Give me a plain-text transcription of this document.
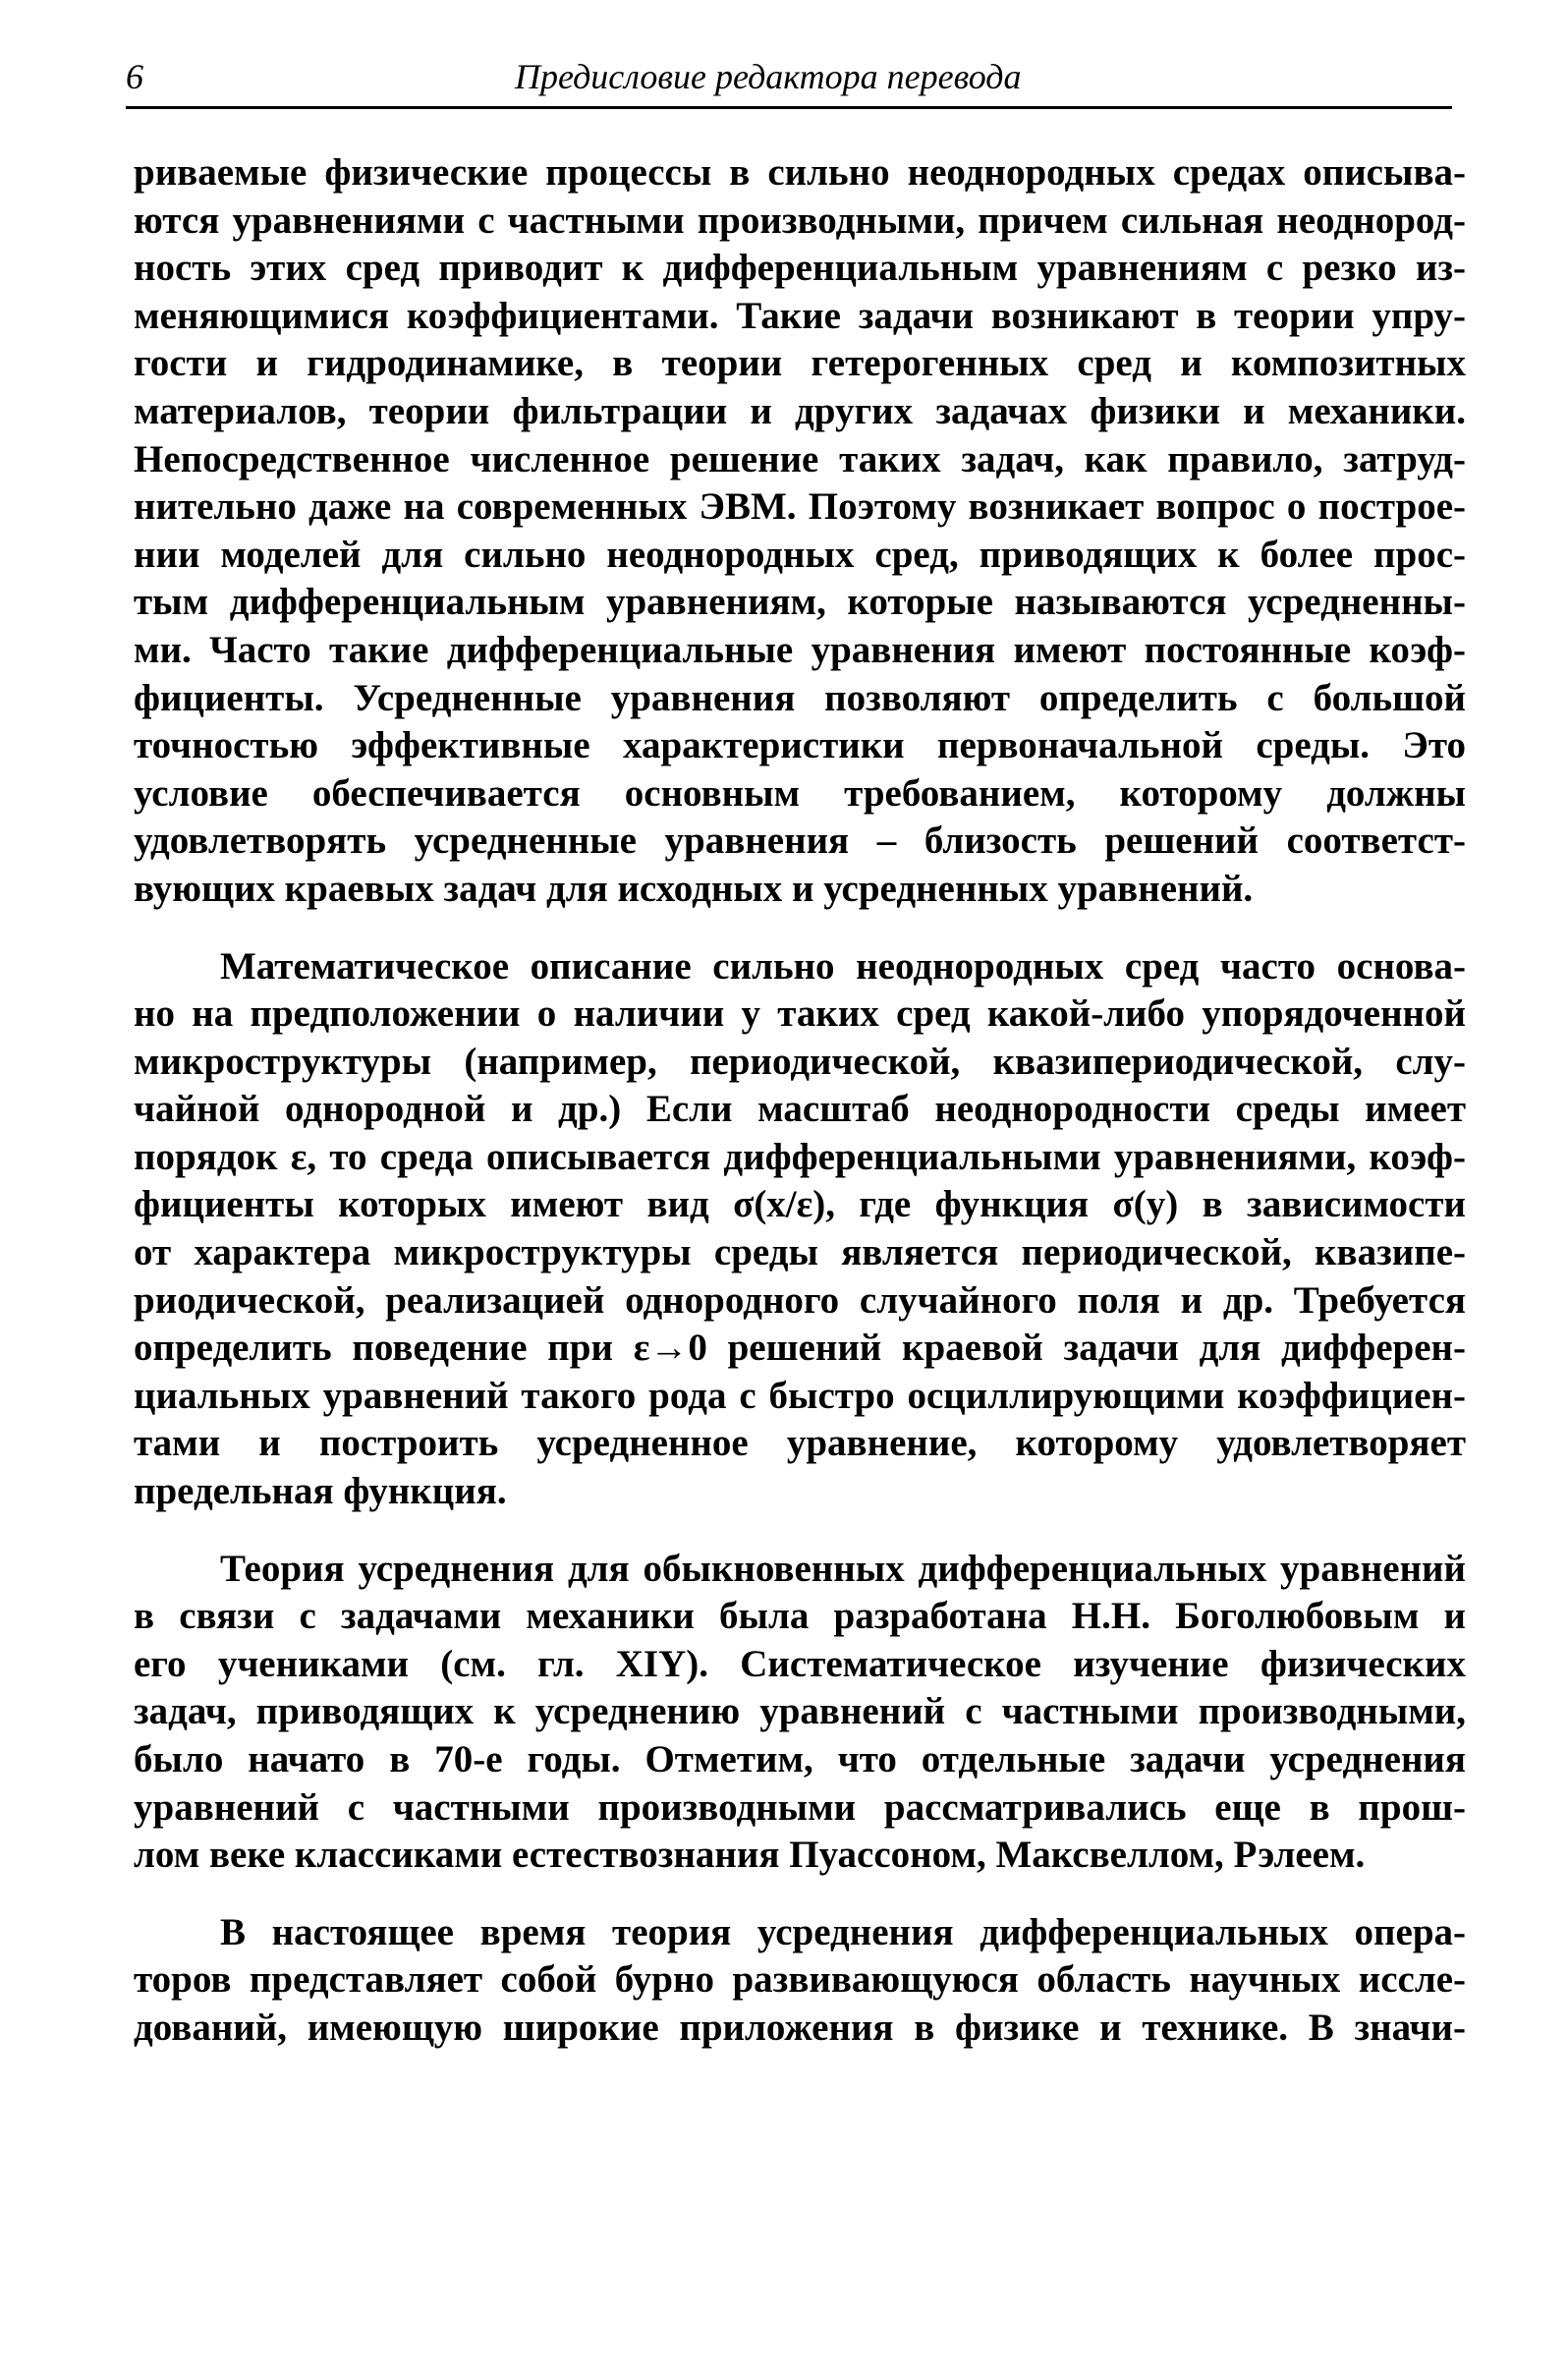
6	Предисловие редактора перевода
риваемые физические процессы в сильно неоднородных средах описыва-
ются уравнениями с частными производными, причем сильная неоднород-
ность этих сред приводит к дифференциальным уравнениям с резко из-
меняющимися коэффициентами. Такие задачи возникают в теории упру-
гости и гидродинамике, в теории гетерогенных сред и композитных
материалов, теории фильтрации и других задачах физики и механики.
Непосредственное численное решение таких задач, как правило, затруд-
нительно даже на современных ЭВМ. Поэтому возникает вопрос о построе-
нии моделей для сильно неоднородных сред, приводящих к более прос-
тым дифференциальным уравнениям, которые называются усредненны-
ми. Часто такие дифференциальные уравнения имеют постоянные коэф-
фициенты. Усредненные уравнения позволяют определить с большой
точностью эффективные характеристики первоначальной среды. Это
условие обеспечивается основным требованием, которому должны
удовлетворять усредненные уравнения – близость решений соответст-
вующих краевых задач для исходных и усредненных уравнений.
Математическое описание сильно неоднородных сред часто основа-
но на предположении о наличии у таких сред какой-либо упорядоченной
микроструктуры (например, периодической, квазипериодической, слу-
чайной однородной и др.) Если масштаб неоднородности среды имеет
порядок ε, то среда описывается дифференциальными уравнениями, коэф-
фициенты которых имеют вид σ(x/ε), где функция σ(y) в зависимости
от характера микроструктуры среды является периодической, квазипе-
риодической, реализацией однородного случайного поля и др. Требуется
определить поведение при ε→0 решений краевой задачи для дифферен-
циальных уравнений такого рода с быстро осциллирующими коэффициен-
тами и построить усредненное уравнение, которому удовлетворяет
предельная функция.
Теория усреднения для обыкновенных дифференциальных уравнений
в связи с задачами механики была разработана Н.Н. Боголюбовым и
его учениками (см. гл. XIY). Систематическое изучение физических
задач, приводящих к усреднению уравнений с частными производными,
было начато в 70-е годы. Отметим, что отдельные задачи усреднения
уравнений с частными производными рассматривались еще в прош-
лом веке классиками естествознания Пуассоном, Максвеллом, Рэлеем.
В настоящее время теория усреднения дифференциальных опера-
торов представляет собой бурно развивающуюся область научных иссле-
дований, имеющую широкие приложения в физике и технике. В значи-
